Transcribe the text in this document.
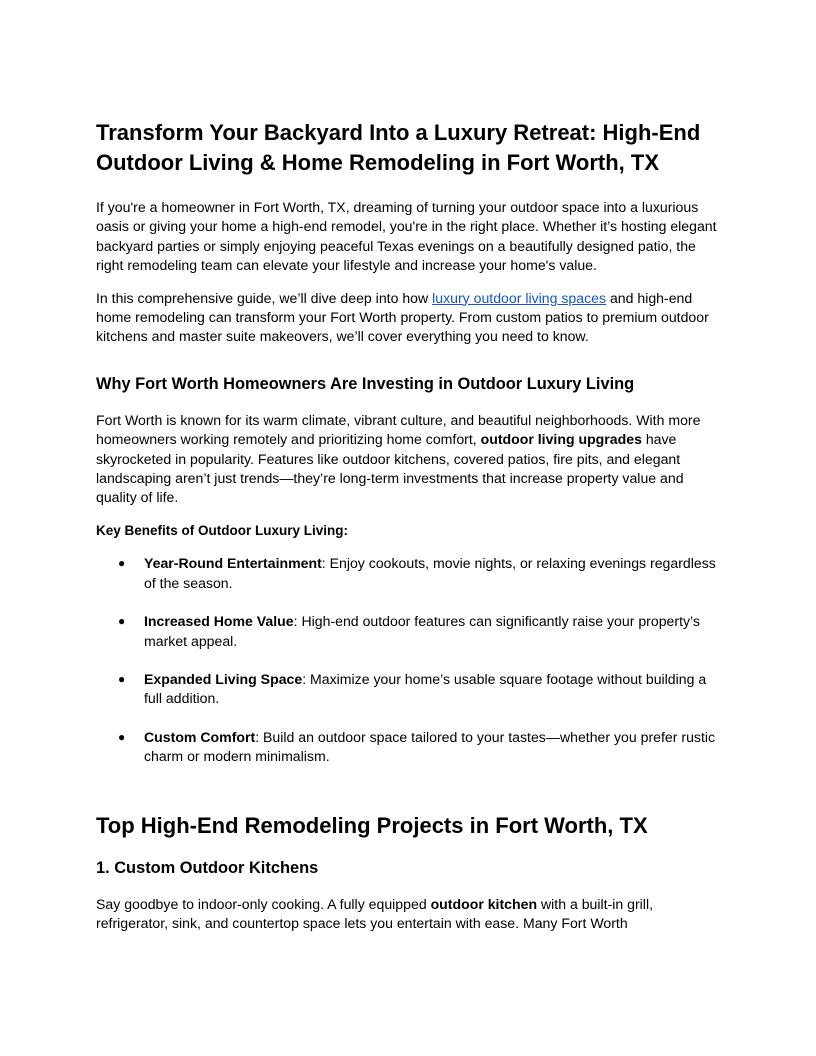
Transform Your Backyard Into a Luxury Retreat: High-End Outdoor Living & Home Remodeling in Fort Worth, TX

If you're a homeowner in Fort Worth, TX, dreaming of turning your outdoor space into a luxurious oasis or giving your home a high-end remodel, you're in the right place. Whether it’s hosting elegant backyard parties or simply enjoying peaceful Texas evenings on a beautifully designed patio, the right remodeling team can elevate your lifestyle and increase your home's value.

In this comprehensive guide, we’ll dive deep into how luxury outdoor living spaces and high-end home remodeling can transform your Fort Worth property. From custom patios to premium outdoor kitchens and master suite makeovers, we’ll cover everything you need to know.

Why Fort Worth Homeowners Are Investing in Outdoor Luxury Living

Fort Worth is known for its warm climate, vibrant culture, and beautiful neighborhoods. With more homeowners working remotely and prioritizing home comfort, outdoor living upgrades have skyrocketed in popularity. Features like outdoor kitchens, covered patios, fire pits, and elegant landscaping aren’t just trends—they’re long-term investments that increase property value and quality of life.

Key Benefits of Outdoor Luxury Living:

● Year-Round Entertainment: Enjoy cookouts, movie nights, or relaxing evenings regardless of the season.
● Increased Home Value: High-end outdoor features can significantly raise your property’s market appeal.
● Expanded Living Space: Maximize your home’s usable square footage without building a full addition.
● Custom Comfort: Build an outdoor space tailored to your tastes—whether you prefer rustic charm or modern minimalism.
Top High-End Remodeling Projects in Fort Worth, TX
1. Custom Outdoor Kitchens

Say goodbye to indoor-only cooking. A fully equipped outdoor kitchen with a built-in grill, refrigerator, sink, and countertop space lets you entertain with ease. Many Fort Worth
